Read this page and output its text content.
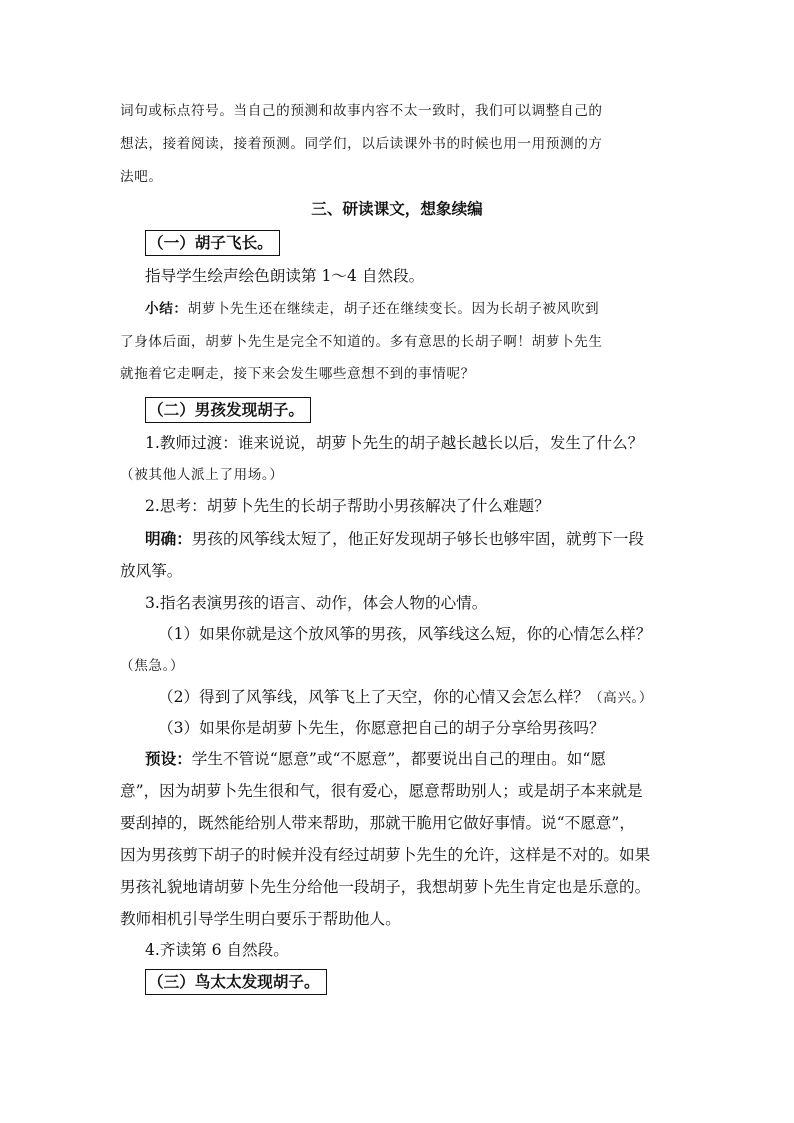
词句或标点符号。当自己的预测和故事内容不太一致时，我们可以调整自己的
想法，接着阅读，接着预测。同学们，以后读课外书的时候也用一用预测的方
法吧。
三、研读课文，想象续编
（一）胡子飞长。
指导学生绘声绘色朗读第 1～4 自然段。
小结：胡萝卜先生还在继续走，胡子还在继续变长。因为长胡子被风吹到
了身体后面，胡萝卜先生是完全不知道的。多有意思的长胡子啊！胡萝卜先生
就拖着它走啊走，接下来会发生哪些意想不到的事情呢？
（二）男孩发现胡子。
1.教师过渡：谁来说说，胡萝卜先生的胡子越长越长以后，发生了什么？
（被其他人派上了用场。）
2.思考：胡萝卜先生的长胡子帮助小男孩解决了什么难题？
明确：男孩的风筝线太短了，他正好发现胡子够长也够牢固，就剪下一段
放风筝。
3.指名表演男孩的语言、动作，体会人物的心情。
（1）如果你就是这个放风筝的男孩，风筝线这么短，你的心情怎么样？
（焦急。）
（2）得到了风筝线，风筝飞上了天空，你的心情又会怎么样？（高兴。）
（3）如果你是胡萝卜先生，你愿意把自己的胡子分享给男孩吗？
预设：学生不管说“愿意”或“不愿意”，都要说出自己的理由。如“愿
意”，因为胡萝卜先生很和气，很有爱心，愿意帮助别人；或是胡子本来就是
要刮掉的，既然能给别人带来帮助，那就干脆用它做好事情。说“不愿意”，
因为男孩剪下胡子的时候并没有经过胡萝卜先生的允许，这样是不对的。如果
男孩礼貌地请胡萝卜先生分给他一段胡子，我想胡萝卜先生肯定也是乐意的。
教师相机引导学生明白要乐于帮助他人。
4.齐读第 6 自然段。
（三）鸟太太发现胡子。
